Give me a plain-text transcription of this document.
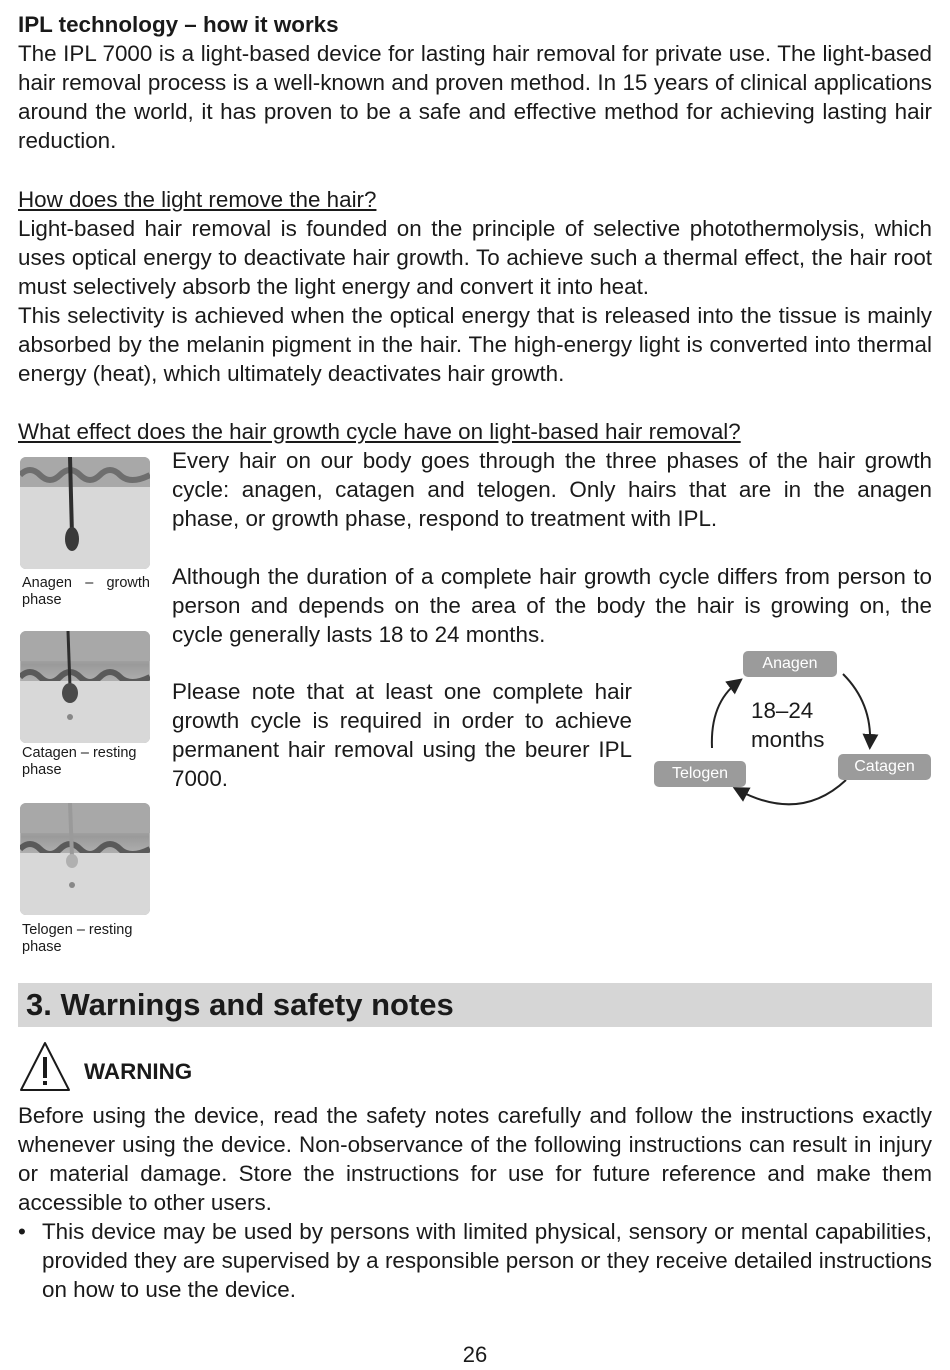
IPL technology – how it works
The IPL 7000 is a light-based device for lasting hair removal for private use. The light-based hair removal process is a well-known and proven method. In 15 years of clinical applications around the world, it has proven to be a safe and effective method for achieving lasting hair reduction.
How does the light remove the hair?
Light-based hair removal is founded on the principle of selective photothermolysis, which uses optical energy to deactivate hair growth. To achieve such a thermal effect, the hair root must selectively absorb the light energy and convert it into heat.
This selectivity is achieved when the optical energy that is released into the tissue is mainly absorbed by the melanin pigment in the hair. The high-energy light is converted into thermal energy (heat), which ultimately deactivates hair growth.
What effect does the hair growth cycle have on light-based hair removal?
Anagen – growth phase
Catagen – resting phase
Telogen – resting phase
Every hair on our body goes through the three phases of the hair growth cycle: anagen, catagen and telogen. Only hairs that are in the anagen phase, or growth phase, respond to treatment with IPL.
Although the duration of a complete hair growth cycle differs from person to person and depends on the area of the body the hair is growing on, the cycle generally lasts 18 to 24 months.
Please note that at least one complete hair growth cycle is required in order to achieve permanent hair removal using the beurer IPL 7000.
Anagen
Catagen
Telogen
18–24
months
3. Warnings and safety notes
WARNING
Before using the device, read the safety notes carefully and follow the instructions exactly whenever using the device. Non-observance of the following instructions can result in injury or material damage. Store the instructions for use for future reference and make them accessible to other users.
• This device may be used by persons with limited physical, sensory or mental capabilities, provided they are supervised by a responsible person or they receive detailed instructions on how to use the device.
26
